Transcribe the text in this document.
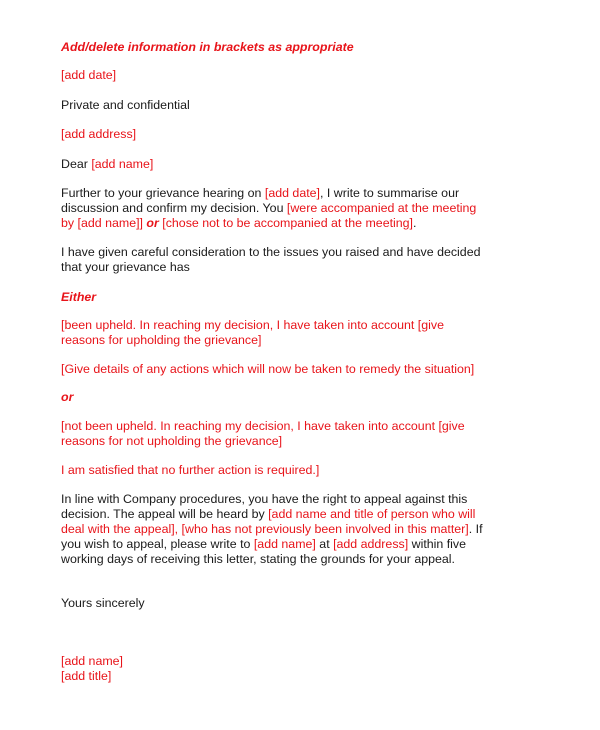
Add/delete information in brackets as appropriate

[add date]

Private and confidential

[add address]

Dear [add name]

Further to your grievance hearing on [add date], I write to summarise our

discussion and confirm my decision. You [were accompanied at the meeting

by [add name]] or [chose not to be accompanied at the meeting].

I have given careful consideration to the issues you raised and have decided

that your grievance has

Either

[been upheld. In reaching my decision, I have taken into account [give

reasons for upholding the grievance]

[Give details of any actions which will now be taken to remedy the situation]

or

[not been upheld. In reaching my decision, I have taken into account [give

reasons for not upholding the grievance]

I am satisfied that no further action is required.]

In line with Company procedures, you have the right to appeal against this

decision. The appeal will be heard by [add name and title of person who will

deal with the appeal], [who has not previously been involved in this matter]. If

you wish to appeal, please write to [add name] at [add address] within five

working days of receiving this letter, stating the grounds for your appeal.

Yours sincerely

[add name]

[add title]
